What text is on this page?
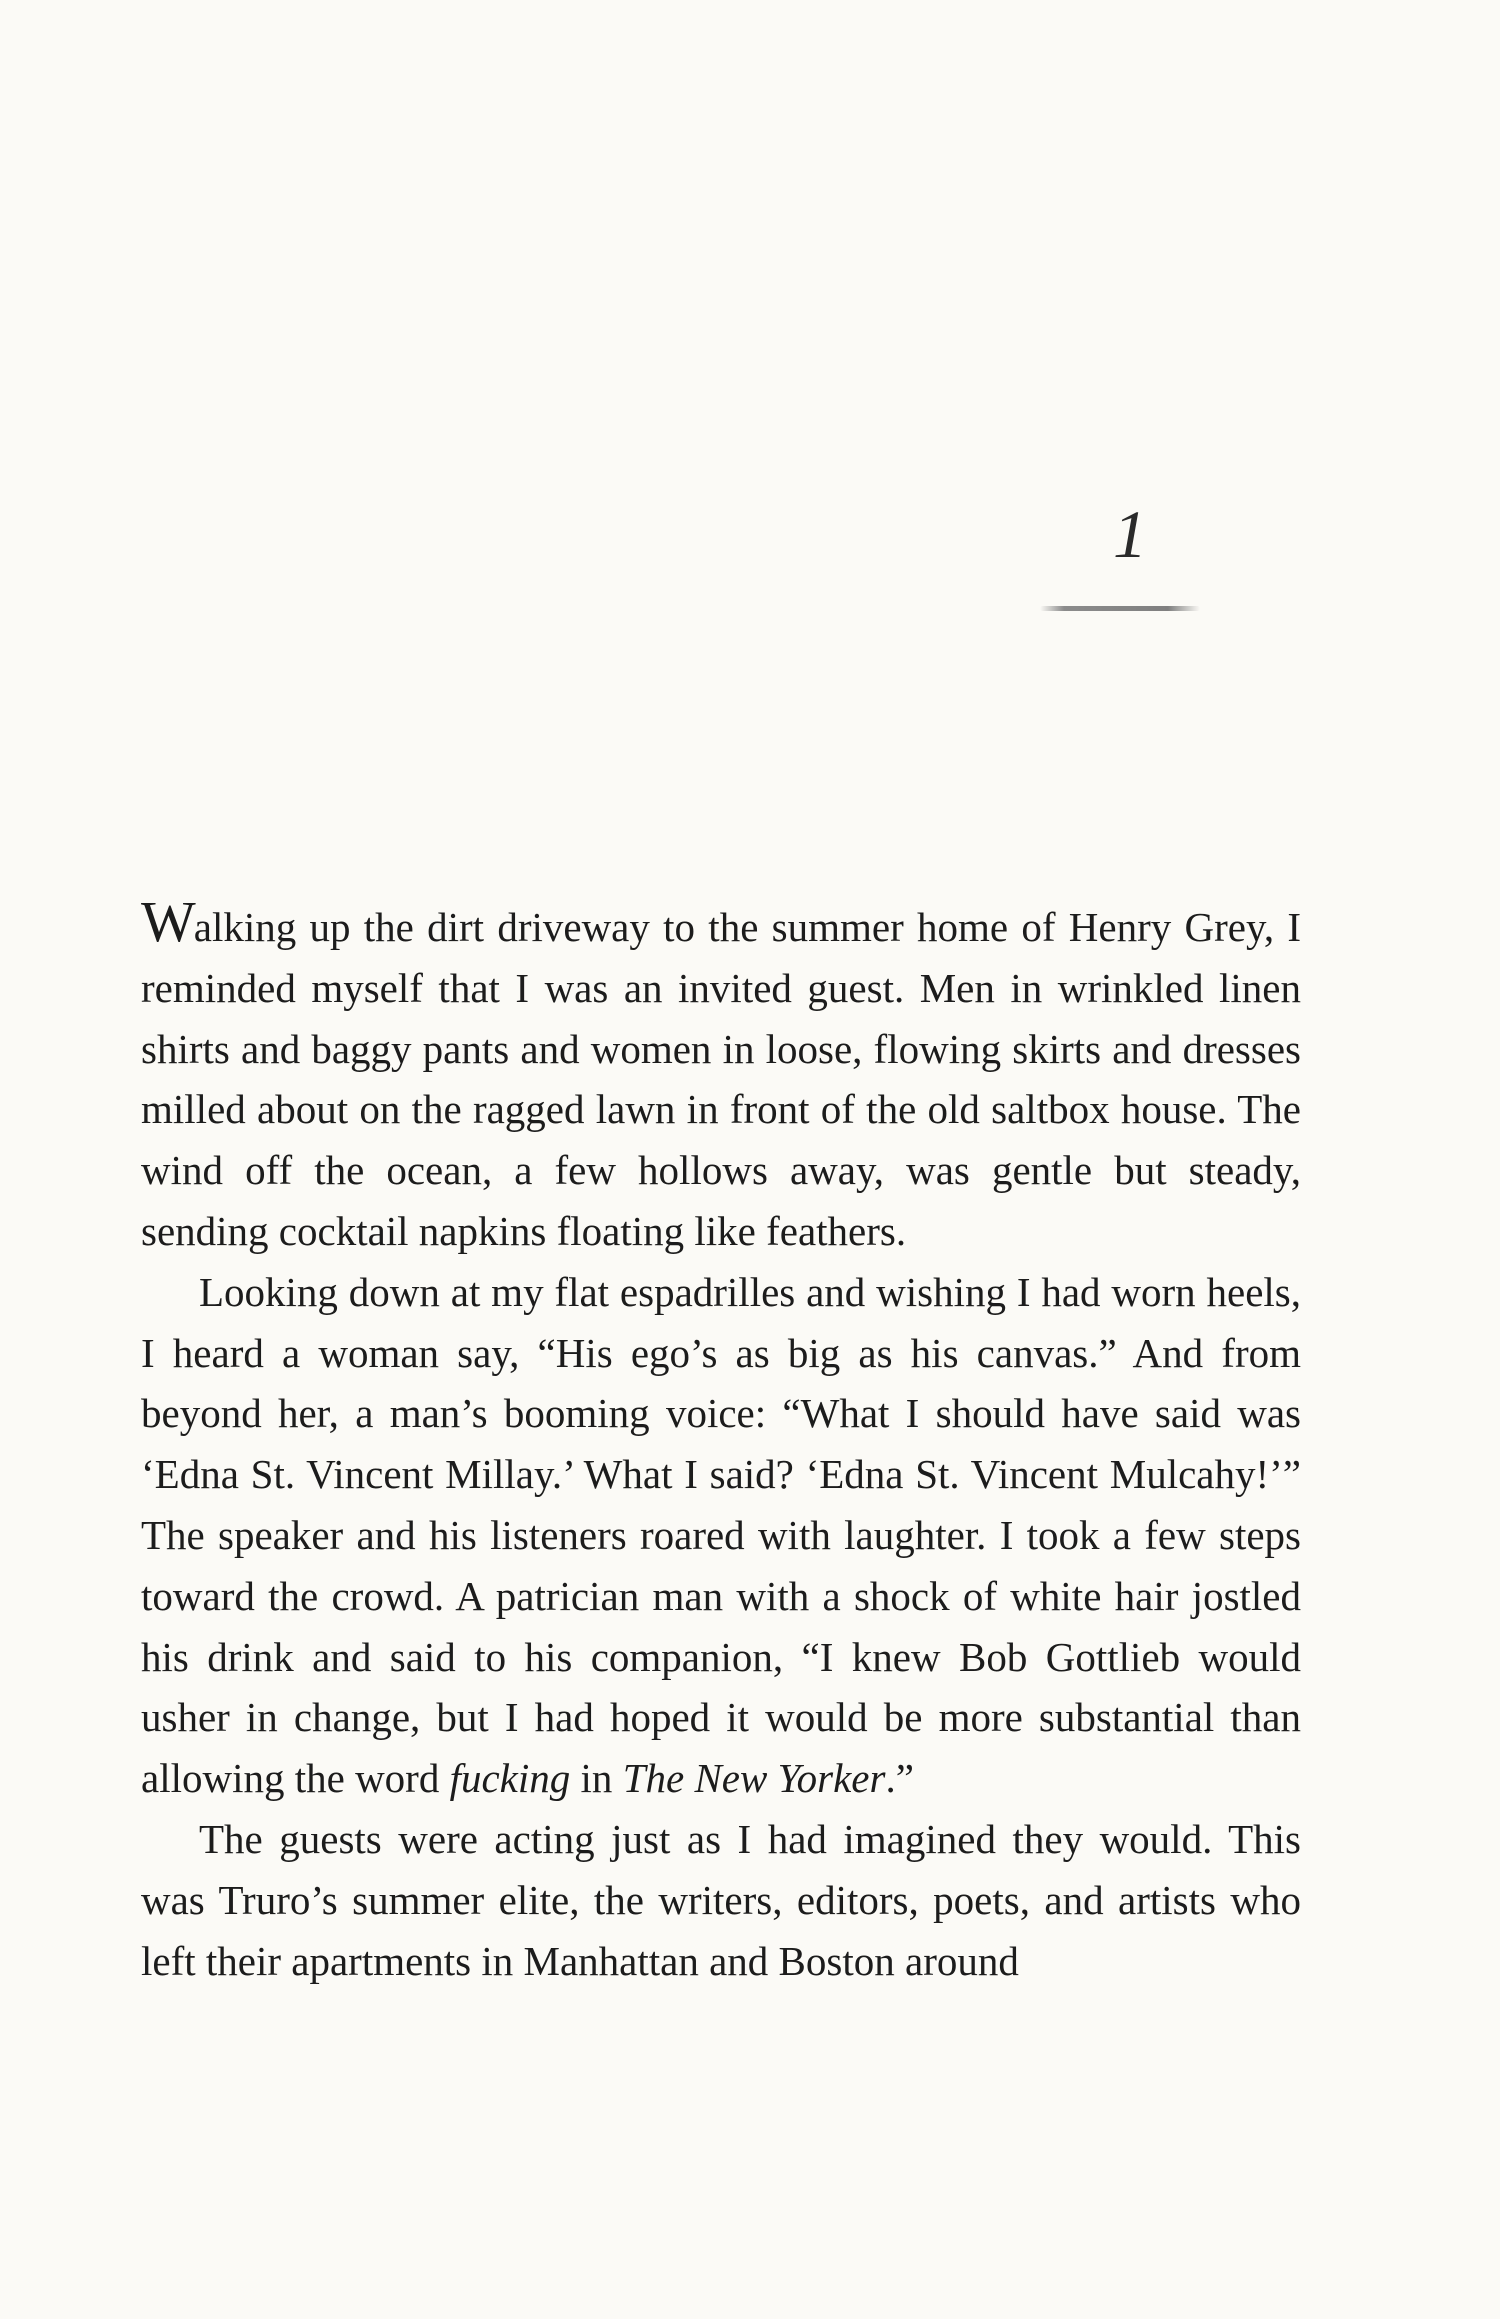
1

Walking up the dirt driveway to the summer home of Henry Grey, I reminded myself that I was an invited guest. Men in wrinkled linen shirts and baggy pants and women in loose, flowing skirts and dresses milled about on the ragged lawn in front of the old saltbox house. The wind off the ocean, a few hollows away, was gentle but steady, sending cocktail napkins floating like feathers.

Looking down at my flat espadrilles and wishing I had worn heels, I heard a woman say, “His ego’s as big as his canvas.” And from beyond her, a man’s booming voice: “What I should have said was ‘Edna St. Vincent Millay.’ What I said? ‘Edna St. Vincent Mulcahy!’” The speaker and his listeners roared with laughter. I took a few steps toward the crowd. A patrician man with a shock of white hair jostled his drink and said to his companion, “I knew Bob Gottlieb would usher in change, but I had hoped it would be more substantial than allowing the word fucking in The New Yorker.”

The guests were acting just as I had imagined they would. This was Truro’s summer elite, the writers, editors, poets, and artists who left their apartments in Manhattan and Boston around
